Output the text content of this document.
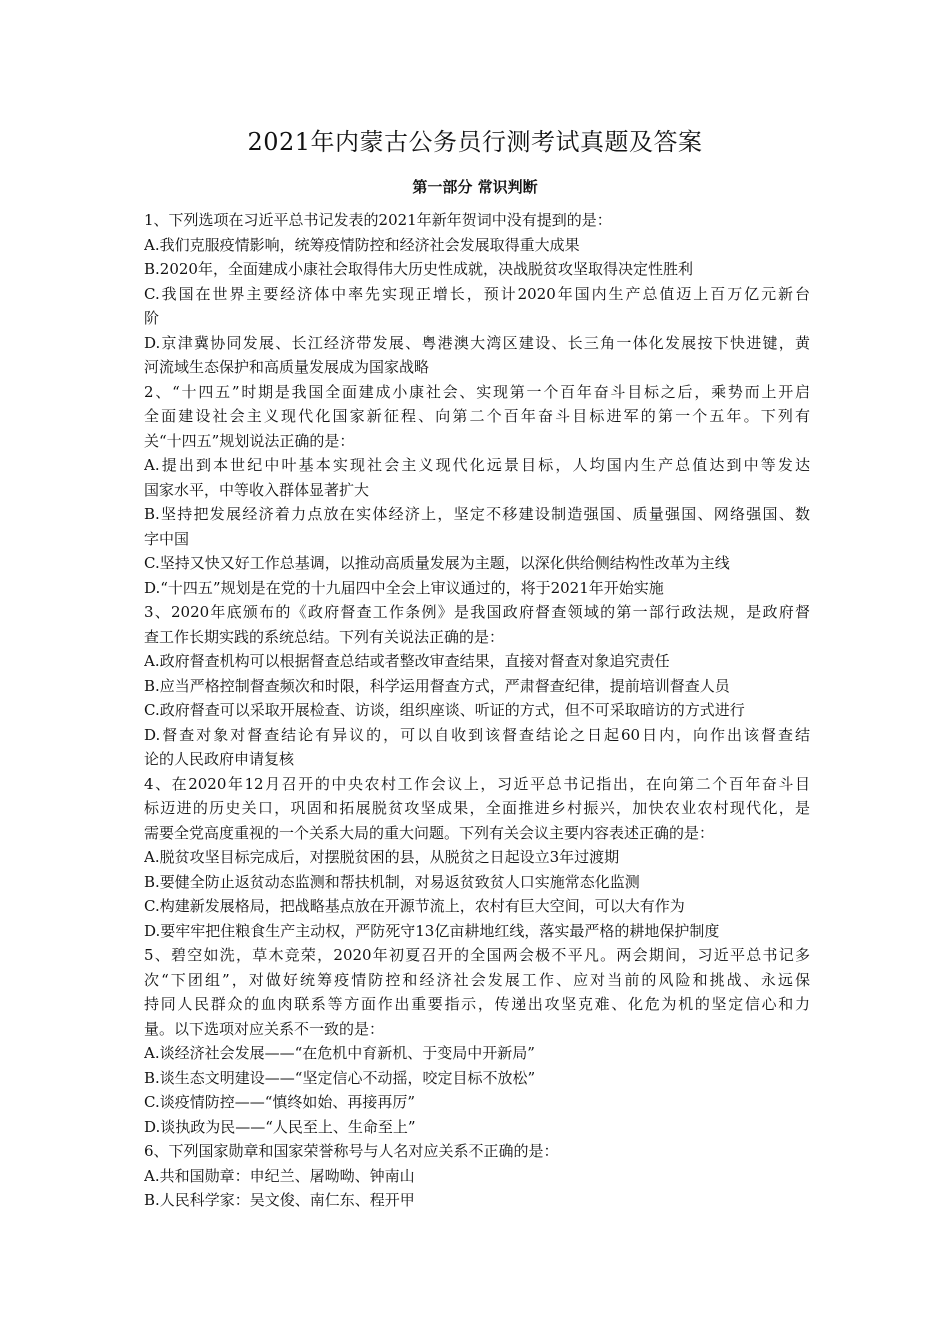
2021年内蒙古公务员行测考试真题及答案
第一部分 常识判断
1、下列选项在习近平总书记发表的2021年新年贺词中没有提到的是：
A.我们克服疫情影响，统筹疫情防控和经济社会发展取得重大成果
B.2020年，全面建成小康社会取得伟大历史性成就，决战脱贫攻坚取得决定性胜利
C.我国在世界主要经济体中率先实现正增长，预计2020年国内生产总值迈上百万亿元新台
阶
D.京津冀协同发展、长江经济带发展、粤港澳大湾区建设、长三角一体化发展按下快进键，黄
河流域生态保护和高质量发展成为国家战略
2、“十四五”时期是我国全面建成小康社会、实现第一个百年奋斗目标之后，乘势而上开启
全面建设社会主义现代化国家新征程、向第二个百年奋斗目标进军的第一个五年。下列有
关“十四五”规划说法正确的是：
A.提出到本世纪中叶基本实现社会主义现代化远景目标，人均国内生产总值达到中等发达
国家水平，中等收入群体显著扩大
B.坚持把发展经济着力点放在实体经济上，坚定不移建设制造强国、质量强国、网络强国、数
字中国
C.坚持又快又好工作总基调，以推动高质量发展为主题，以深化供给侧结构性改革为主线
D.“十四五”规划是在党的十九届四中全会上审议通过的，将于2021年开始实施
3、2020年底颁布的《政府督查工作条例》是我国政府督查领域的第一部行政法规，是政府督
查工作长期实践的系统总结。下列有关说法正确的是：
A.政府督查机构可以根据督查总结或者整改审查结果，直接对督查对象追究责任
B.应当严格控制督查频次和时限，科学运用督查方式，严肃督查纪律，提前培训督查人员
C.政府督查可以采取开展检查、访谈，组织座谈、听证的方式，但不可采取暗访的方式进行
D.督查对象对督查结论有异议的，可以自收到该督查结论之日起60日内，向作出该督查结
论的人民政府申请复核
4、在2020年12月召开的中央农村工作会议上，习近平总书记指出，在向第二个百年奋斗目
标迈进的历史关口，巩固和拓展脱贫攻坚成果，全面推进乡村振兴，加快农业农村现代化，是
需要全党高度重视的一个关系大局的重大问题。下列有关会议主要内容表述正确的是：
A.脱贫攻坚目标完成后，对摆脱贫困的县，从脱贫之日起设立3年过渡期
B.要健全防止返贫动态监测和帮扶机制，对易返贫致贫人口实施常态化监测
C.构建新发展格局，把战略基点放在开源节流上，农村有巨大空间，可以大有作为
D.要牢牢把住粮食生产主动权，严防死守13亿亩耕地红线，落实最严格的耕地保护制度
5、碧空如洗，草木竞荣，2020年初夏召开的全国两会极不平凡。两会期间，习近平总书记多
次“下团组”，对做好统筹疫情防控和经济社会发展工作、应对当前的风险和挑战、永远保
持同人民群众的血肉联系等方面作出重要指示，传递出攻坚克难、化危为机的坚定信心和力
量。以下选项对应关系不一致的是：
A.谈经济社会发展——“在危机中育新机、于变局中开新局”
B.谈生态文明建设——“坚定信心不动摇，咬定目标不放松”
C.谈疫情防控——“慎终如始、再接再厉”
D.谈执政为民——“人民至上、生命至上”
6、下列国家勋章和国家荣誉称号与人名对应关系不正确的是：
A.共和国勋章：申纪兰、屠呦呦、钟南山
B.人民科学家：吴文俊、南仁东、程开甲
